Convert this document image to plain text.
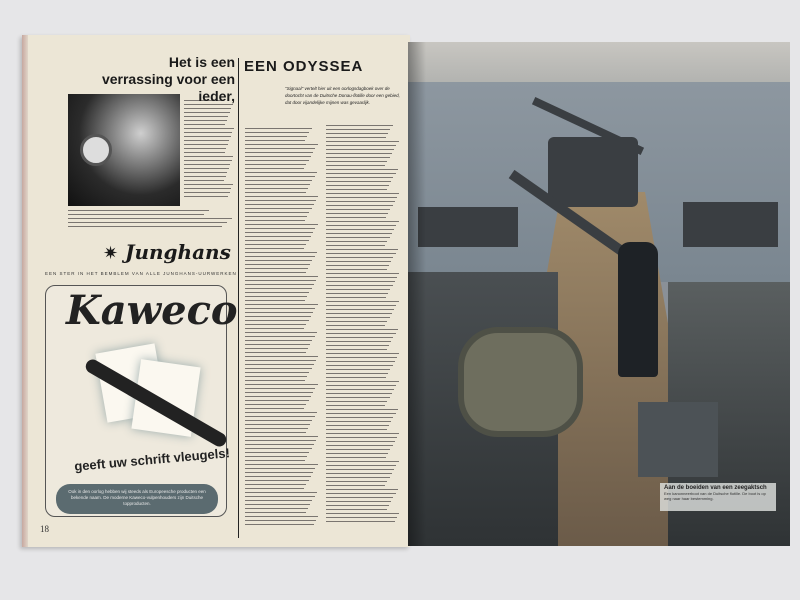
Het is een verrassing voor een ieder,
✷ Junghans
EEN STER IN HET BEMBLEM VAN ALLE JUNGHANS-UURWERKEN
Kaweco
geeft uw schrift vleugels!
Ook in den oorlog hebben wij steeds als Europeesche producten een bekende naam. De moderne Kaweco-vulpenhouders zijn Duitsche topproducten.
18
EEN ODYSSEA
"Signaal" vertelt hier uit een oorlogsdagboek over de doortocht van de Duitsche Donau-flotille door een gebied, dat door vijandelijke mijnen was gevaarlijk.
Aan de boeiden van een zeegaktsch
Een kanonneerboot van de Duitsche flotille. De boot is op weg naar haar bestemming.
